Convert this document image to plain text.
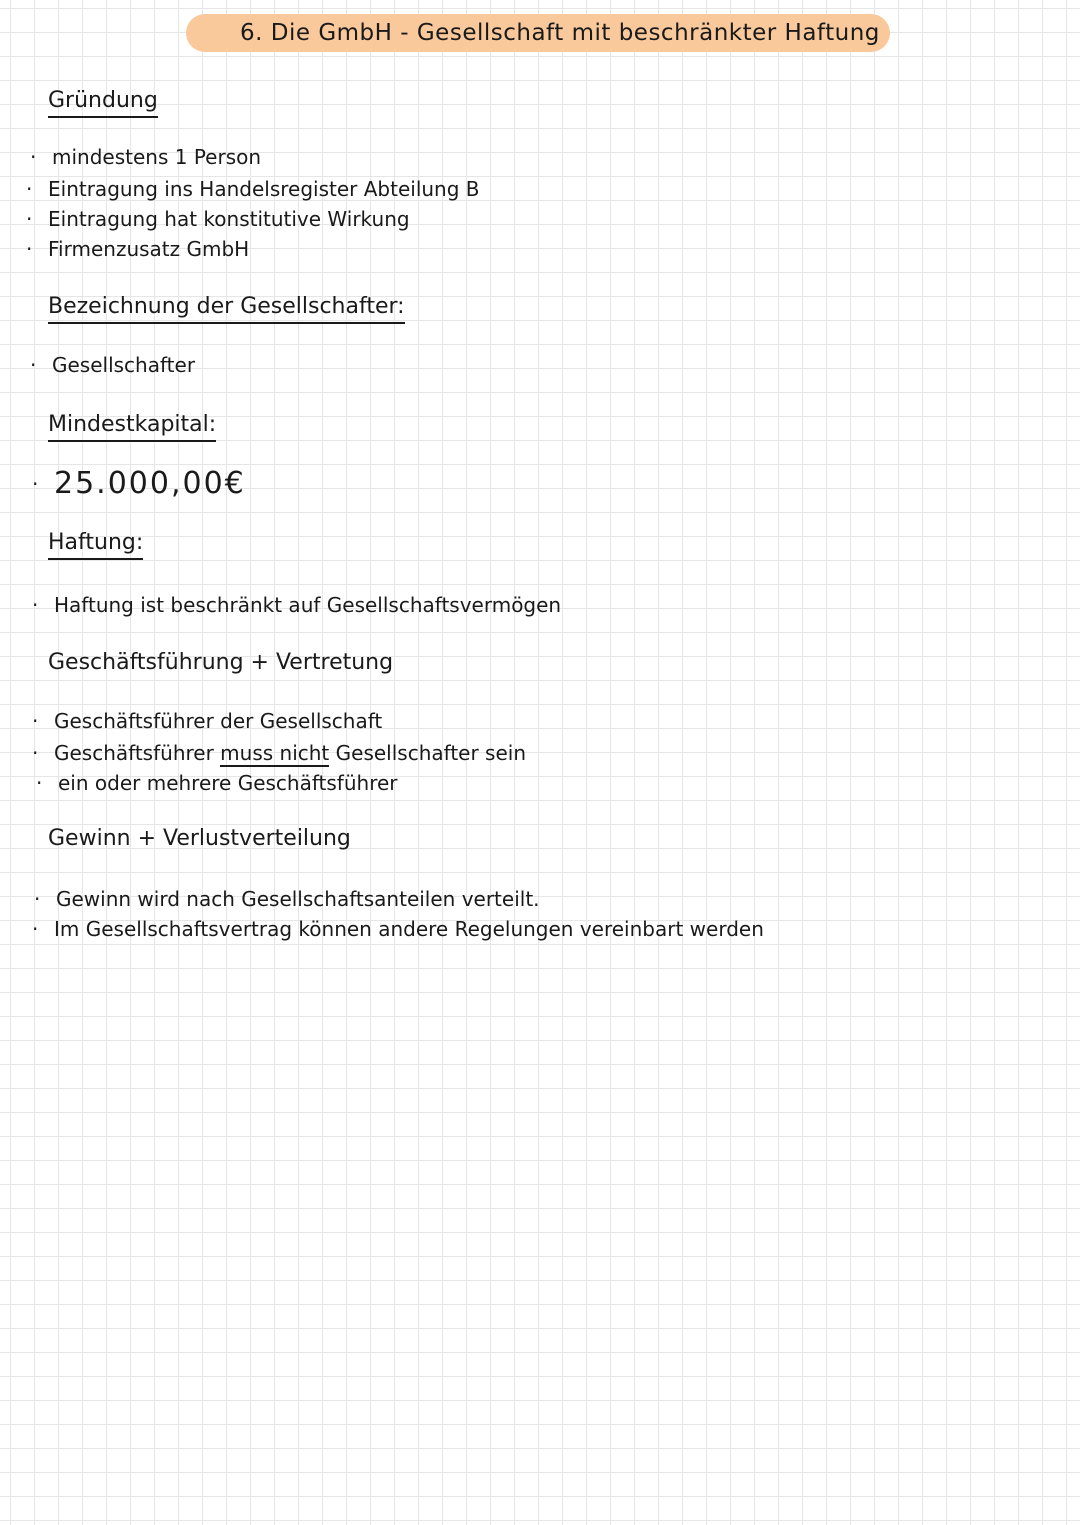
6. Die GmbH - Gesellschaft mit beschränkter Haftung
Gründung
· mindestens 1 Person
· Eintragung ins Handelsregister Abteilung B
· Eintragung hat konstitutive Wirkung
· Firmenzusatz GmbH
Bezeichnung der Gesellschafter:
· Gesellschafter
Mindestkapital:
· 25.000,00€
Haftung:
· Haftung ist beschränkt auf Gesellschaftsvermögen
Geschäftsführung + Vertretung
· Geschäftsführer der Gesellschaft
· Geschäftsführer muss nicht Gesellschafter sein
· ein oder mehrere Geschäftsführer
Gewinn + Verlustverteilung
· Gewinn wird nach Gesellschaftsanteilen verteilt.
· Im Gesellschaftsvertrag können andere Regelungen vereinbart werden
